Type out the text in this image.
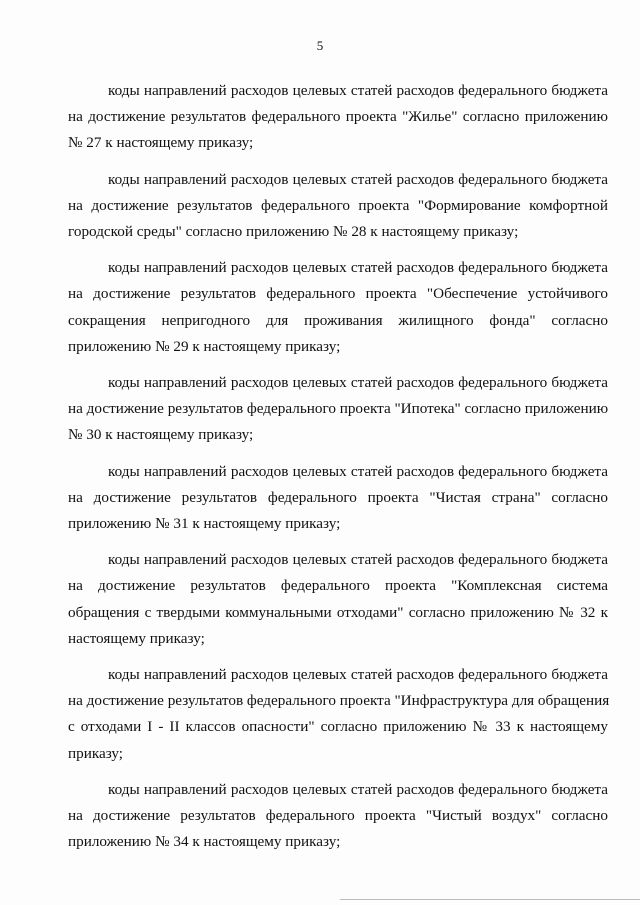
5

коды направлений расходов целевых статей расходов федерального бюджета
на достижение результатов федерального проекта "Жилье" согласно приложению
№ 27 к настоящему приказу;

коды направлений расходов целевых статей расходов федерального бюджета
на достижение результатов федерального проекта "Формирование комфортной
городской среды" согласно приложению № 28 к настоящему приказу;

коды направлений расходов целевых статей расходов федерального бюджета
на достижение результатов федерального проекта "Обеспечение устойчивого
сокращения непригодного для проживания жилищного фонда" согласно
приложению № 29 к настоящему приказу;

коды направлений расходов целевых статей расходов федерального бюджета
на достижение результатов федерального проекта "Ипотека" согласно приложению
№ 30 к настоящему приказу;

коды направлений расходов целевых статей расходов федерального бюджета
на достижение результатов федерального проекта "Чистая страна" согласно
приложению № 31 к настоящему приказу;

коды направлений расходов целевых статей расходов федерального бюджета
на достижение результатов федерального проекта "Комплексная система
обращения с твердыми коммунальными отходами" согласно приложению № 32 к
настоящему приказу;

коды направлений расходов целевых статей расходов федерального бюджета
на достижение результатов федерального проекта "Инфраструктура для обращения
с отходами I - II классов опасности" согласно приложению № 33 к настоящему
приказу;

коды направлений расходов целевых статей расходов федерального бюджета
на достижение результатов федерального проекта "Чистый воздух" согласно
приложению № 34 к настоящему приказу;
